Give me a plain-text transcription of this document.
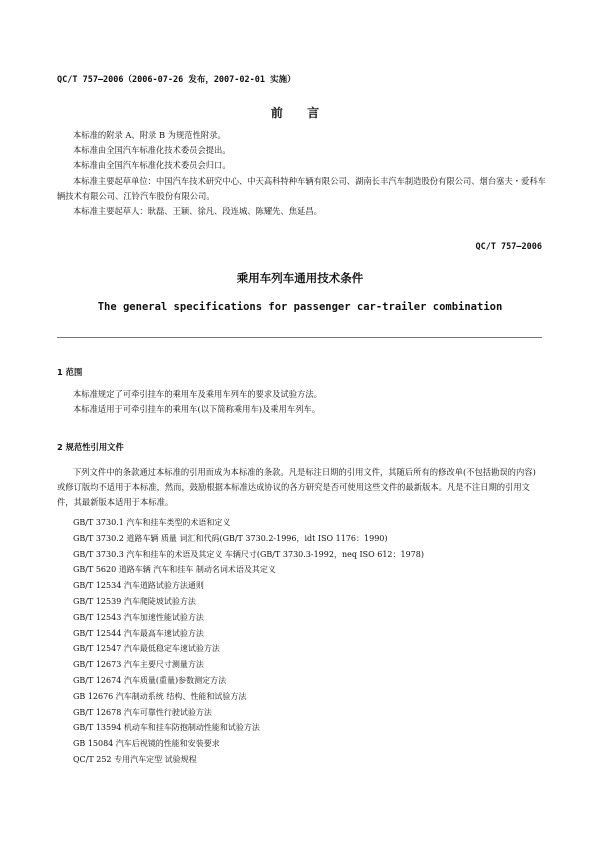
QC/T 757—2006（2006-07-26 发布，2007-02-01 实施）
前 言

本标准的附录 A、附录 B 为规范性附录。

本标准由全国汽车标准化技术委员会提出。

本标准由全国汽车标准化技术委员会归口。

本标准主要起草单位：中国汽车技术研究中心、中天高科特种车辆有限公司、湖南长丰汽车制造股份有限公司、烟台塞夫・爱科车辆技术有限公司、江铃汽车股份有限公司。

本标准主要起草人：耿磊、王颖、徐凡、段连城、陈耀先、焦延昌。

QC/T 757—2006
乘用车列车通用技术条件
The general specifications for passenger car-trailer combination
1 范围

本标准规定了可牵引挂车的乘用车及乘用车列车的要求及试验方法。

本标准适用于可牵引挂车的乘用车(以下简称乘用车)及乘用车列车。

2 规范性引用文件

下列文件中的条款通过本标准的引用而成为本标准的条款。凡是标注日期的引用文件，其随后所有的修改单(不包括勘误的内容)或修订版均不适用于本标准，然而，鼓励根据本标准达成协议的各方研究是否可使用这些文件的最新版本。凡是不注日期的引用文件，其最新版本适用于本标准。

GB/T 3730.1 汽车和挂车类型的术语和定义
GB/T 3730.2 道路车辆 质量 词汇和代码(GB/T 3730.2-1996，idt ISO 1176：1990)
GB/T 3730.3 汽车和挂车的术语及其定义 车辆尺寸(GB/T 3730.3-1992，neq ISO 612：1978)
GB/T 5620 道路车辆 汽车和挂车 制动名词术语及其定义
GB/T 12534 汽车道路试验方法通则
GB/T 12539 汽车爬陡坡试验方法
GB/T 12543 汽车加速性能试验方法
GB/T 12544 汽车最高车速试验方法
GB/T 12547 汽车最低稳定车速试验方法
GB/T 12673 汽车主要尺寸测量方法
GB/T 12674 汽车质量(重量)参数测定方法
GB 12676 汽车制动系统 结构、性能和试验方法
GB/T 12678 汽车可靠性行驶试验方法
GB/T 13594 机动车和挂车防抱制动性能和试验方法
GB 15084 汽车后视镜的性能和安装要求
QC/T 252 专用汽车定型 试验规程
